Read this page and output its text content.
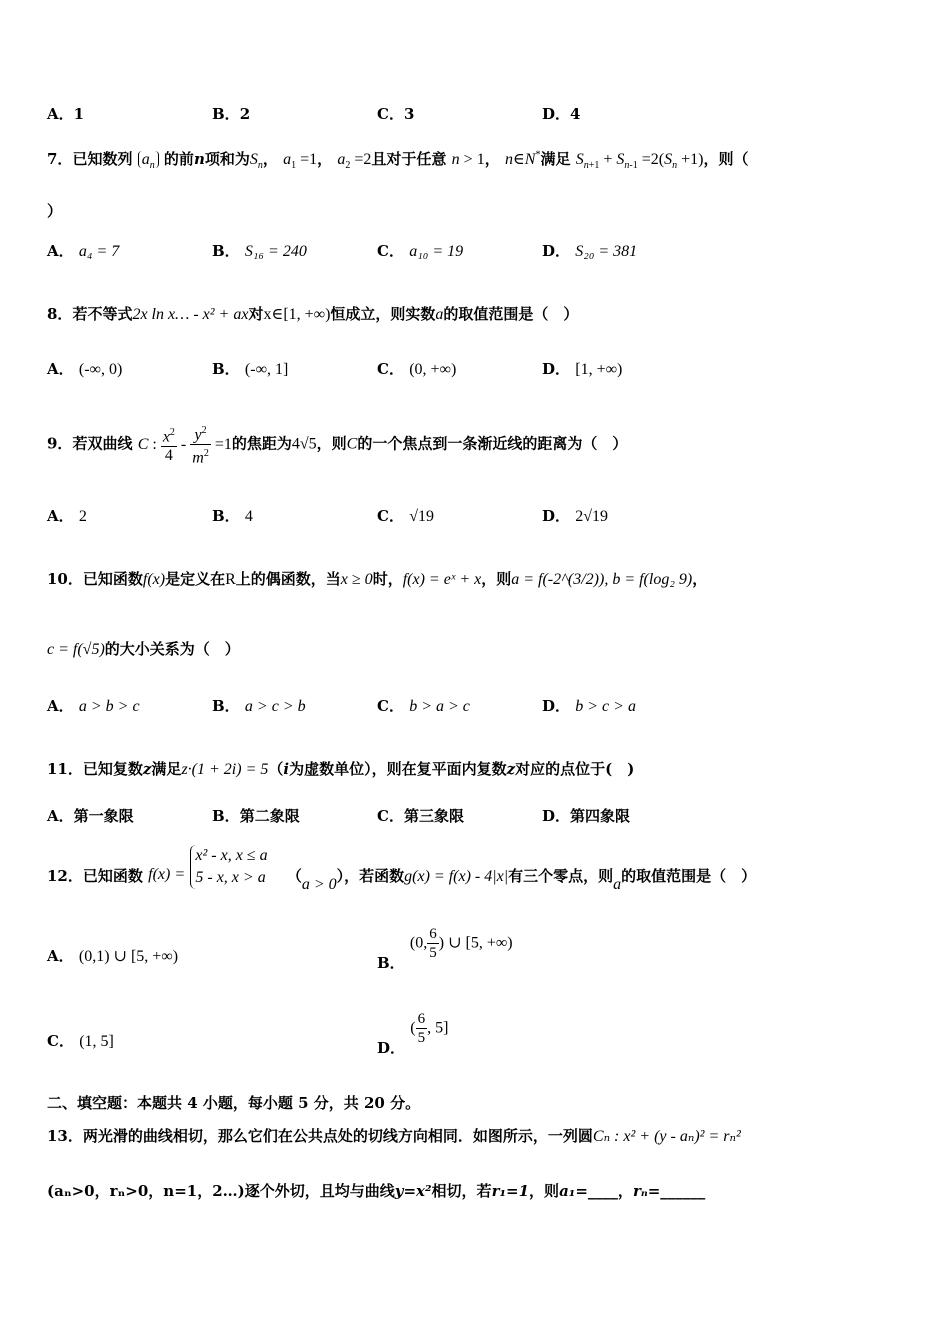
A．1	B．2	C．3	D．4
7．已知数列 $a_n$ 的前n项和为$S_n$， $a_1 =1$， $a_2 =2$且对于任意 n > 1， n∈N*满足 $S_{n+1} + S_{n-1} =2(S_n +1)$，则（
）
A． a₄ = 7	B． S₁₆ = 240	C． a₁₀ = 19	D． S₂₀ = 381
8．若不等式2x ln x… - x² + ax对x∈[1, +∞)恒成立，则实数a的取值范围是（　）
A． (-∞, 0)	B． (-∞, 1]	C． (0, +∞)	D． [1, +∞)
9．若双曲线 C : $\frac{x^2}{4} - \frac{y^2}{m^2} =1$的焦距为4√5，则C的一个焦点到一条渐近线的距离为（　）
A． 2	B． 4	C． √19	D． 2√19
10．已知函数f(x)是定义在R上的偶函数，当x ≥ 0时，f(x) = eˣ + x，则a = f(-2^(3/2)), b = f(log₂ 9)，
c = f(√5)的大小关系为（　）
A． a > b > c	B． a > c > b	C． b > a > c	D． b > c > a
11．已知复数z满足z·(1 + 2i) = 5（i为虚数单位），则在复平面内复数z对应的点位于(　)
A．第一象限	B．第二象限	C．第三象限	D．第四象限
12．已知函数 f(x) =
x² - x, x ≤ a
5 - x, x > a （a > 0），若函数g(x) = f(x) - 4|x|有三个零点，则a的取值范围是（　）
A． (0,1) ∪ [5, +∞)	B． (0, $\frac{6}{5}$ ) ∪ [5, +∞)
C． (1, 5]	D． ( $\frac{6}{5}$ , 5]
二、填空题：本题共 4 小题，每小题 5 分，共 20 分。
13．两光滑的曲线相切，那么它们在公共点处的切线方向相同．如图所示，一列圆Cₙ : x² + (y - aₙ)² = rₙ²
(aₙ>0，rₙ>0，n=1，2…)逐个外切，且均与曲线y=x²相切，若r₁=1，则a₁=____，rₙ=______
